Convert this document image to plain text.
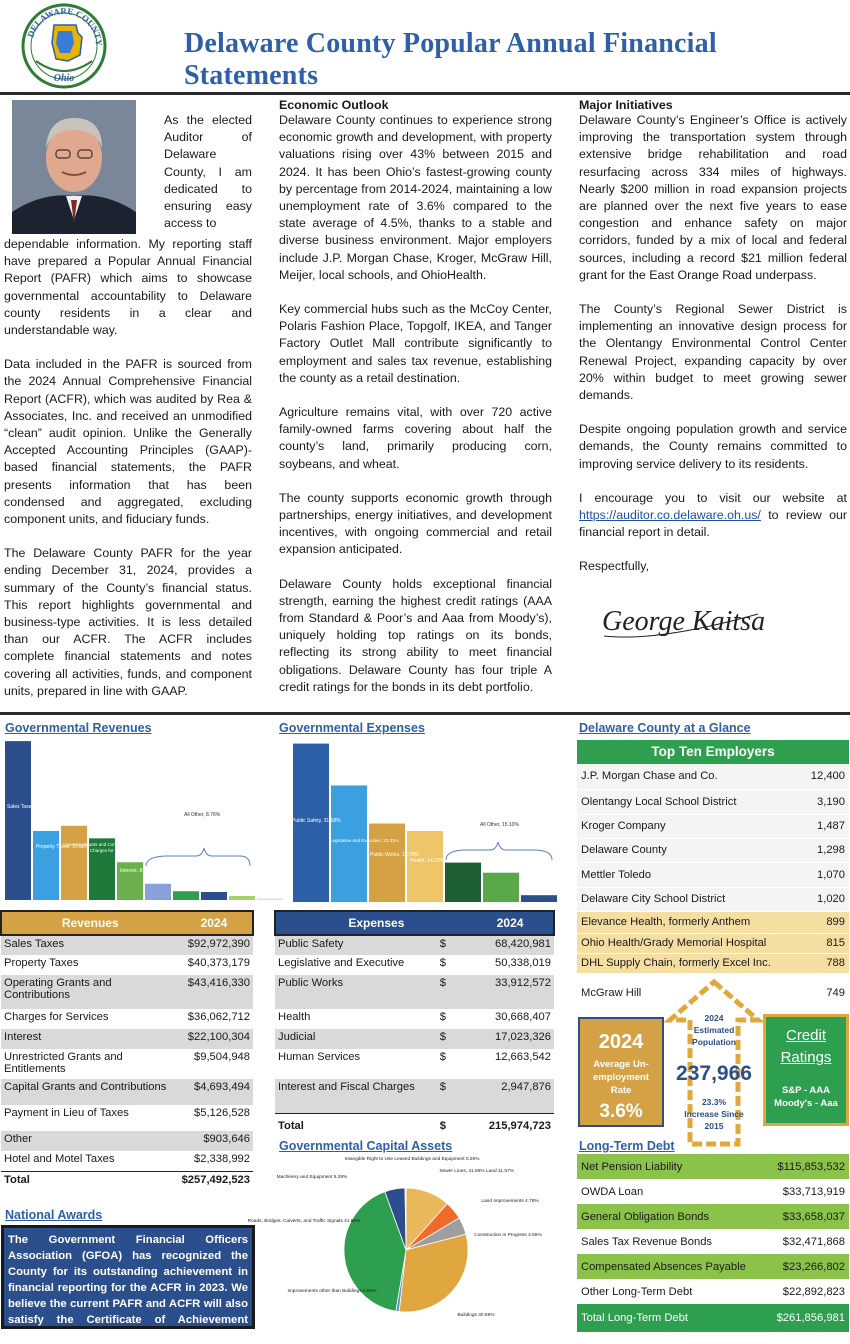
DELAWARE COUNTY
Ohio
Delaware County Popular Annual Financial Statements
As the elected Auditor of Delaware County, I am dedicated to ensuring easy access to

dependable information. My reporting staff have prepared a Popular Annual Financial Report (PAFR) which aims to showcase governmental accountability to Delaware county residents in a clear and understandable way.

Data included in the PAFR is sourced from the 2024 Annual Comprehensive Financial Report (ACFR), which was audited by Rea & Associates, Inc. and received an unmodified “clean” audit opinion. Unlike the Generally Accepted Accounting Principles (GAAP)-based financial statements, the PAFR presents information that has been condensed and aggregated, excluding component units, and fiduciary funds.

The Delaware County PAFR for the year ending December 31, 2024, provides a summary of the County’s financial status. This report highlights governmental and business-type activities. It is less detailed than our ACFR. The ACFR includes complete financial statements and notes covering all activities, funds, and component units, prepared in line with GAAP.

Economic Outlook

Delaware County continues to experience strong economic growth and development, with property valuations rising over 43% between 2015 and 2024. It has been Ohio’s fastest-growing county by percentage from 2014-2024, maintaining a low unemployment rate of 3.6% compared to the state average of 4.5%, thanks to a stable and diverse business environment. Major employers include J.P. Morgan Chase, Kroger, McGraw Hill, Meijer, local schools, and OhioHealth.

Key commercial hubs such as the McCoy Center, Polaris Fashion Place, Topgolf, IKEA, and Tanger Factory Outlet Mall contribute significantly to employment and sales tax revenue, establishing the county as a retail destination.

Agriculture remains vital, with over 720 active family-owned farms covering about half the county’s land, primarily producing corn, soybeans, and wheat.

The county supports economic growth through partnerships, energy initiatives, and development incentives, with ongoing commercial and retail expansion anticipated.

Delaware County holds exceptional financial strength, earning the highest credit ratings (AAA from Standard & Poor’s and Aaa from Moody’s), uniquely holding top ratings on its bonds, reflecting its strong ability to meet financial obligations. Delaware County has four triple A credit ratings for the bonds in its debt portfolio.

Major Initiatives

Delaware County’s Engineer’s Office is actively improving the transportation system through extensive bridge rehabilitation and road resurfacing across 334 miles of highways. Nearly $200 million in road expansion projects are planned over the next five years to ease congestion and enhance safety on major corridors, funded by a mix of local and federal sources, including a record $21 million federal grant for the East Orange Road underpass.

The County’s Regional Sewer District is implementing an innovative design process for the Olentangy Environmental Control Center Renewal Project, expanding capacity by over 20% within budget to meet growing sewer demands.

Despite ongoing population growth and service demands, the County remains committed to improving service delivery to its residents.

I encourage you to visit our website at https://auditor.co.delaware.oh.us/ to review our financial report in detail.

Respectfully,

George Kaitsa
Governmental Revenues
Sales Taxes, 36.11%
Property Taxes, 15.68%
Operating Grants and Contributions, 16.86%
Charges for Services, 14.01%
Interest, 8.58%
All Other, 8.76%
Governmental Expenses
Public Safety, 31.68%
Legislative and Executive, 23.31%
Public Works, 15.70%
Health, 14.20%
All Other, 15.10%
Revenues	2024
Sales Taxes	$92,972,390
Property Taxes	$40,373,179
Operating Grants and Contributions	$43,416,330
Charges for Services	$36,062,712
Interest	$22,100,304
Unrestricted Grants and Entitlements	$9,504,948
Capital Grants and Contributions	$4,693,494
Payment in Lieu of Taxes	$5,126,528
Other	$903,646
Hotel and Motel Taxes	$2,338,992
Total	$257,492,523
Expenses		2024
Public Safety	$	68,420,981
Legislative and Executive	$	50,338,019
Public Works	$	33,912,572
Health	$	30,668,407
Judicial	$	17,023,326
Human Services	$	12,663,542
Interest and Fiscal Charges	$	2,947,876
Total	$	215,974,723
National Awards
The Government Financial Officers Association (GFOA) has recognized the County for its outstanding achievement in financial reporting for the ACFR in 2023. We believe the current PAFR and ACFR will also satisfy the Certificate of Achievement requirements.
Governmental Capital Assets
Intangible Right to Use Leased Buildings and Equipment 0.25%
Machinery and Equipment 5.28%
Sewer Lines, 41.86% Land 11.57%
Land Improvements 4.79%
Construction in Progress 4.55%
Roads, Bridges, Culverts, and Traffic Signals 41.86%
Improvements other than Buildings 0.85%
Buildings 30.85%
Delaware County at a Glance
Top Ten Employers
J.P. Morgan Chase and Co.	12,400
Olentangy Local School District	3,190
Kroger Company	1,487
Delaware County	1,298
Mettler Toledo	1,070
Delaware City School District	1,020
Elevance Health, formerly Anthem	899
Ohio Health/Grady Memorial Hospital	815
DHL Supply Chain, formerly Excel Inc.	788
McGraw Hill	749
2024
Average Un-employment Rate
3.6%
2024 Estimated Population
237,966
23.3% Increase Since 2015
Credit Ratings
S&P - AAA
Moody's - Aaa
Long-Term Debt
Net Pension Liability	$115,853,532
OWDA Loan	$33,713,919
General Obligation Bonds	$33,658,037
Sales Tax Revenue Bonds	$32,471,868
Compensated Absences Payable	$23,266,802
Other Long-Term Debt	$22,892,823
Total Long-Term Debt	$261,856,981
